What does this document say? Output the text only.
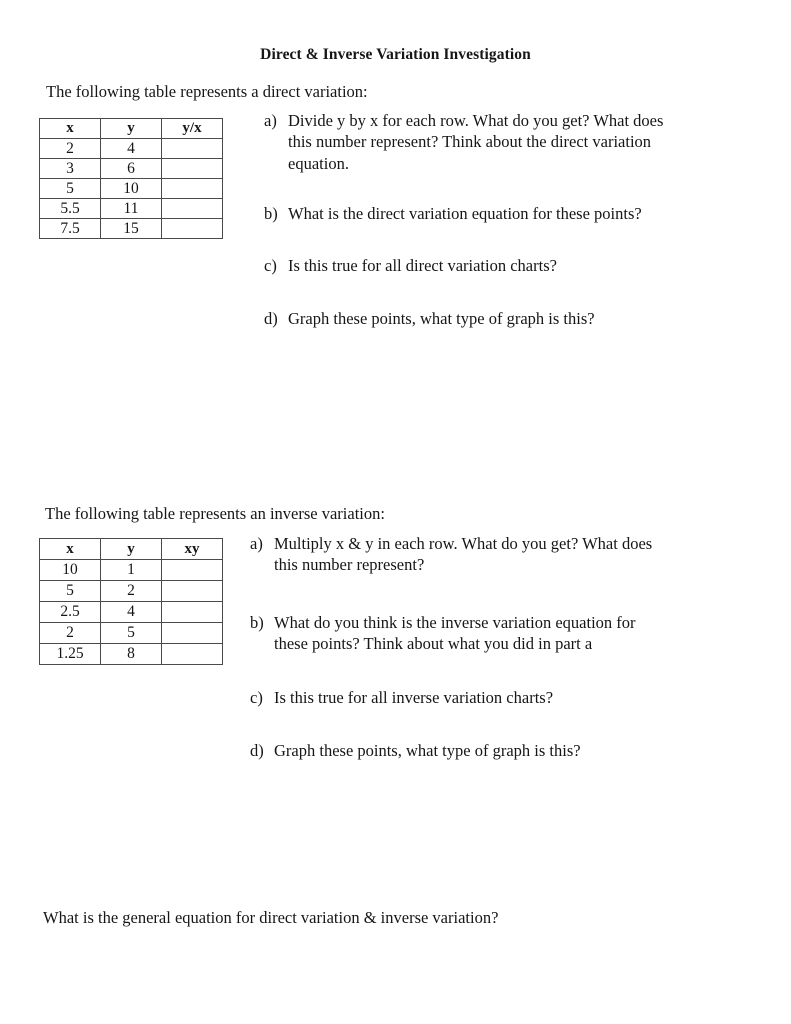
Direct & Inverse Variation Investigation
The following table represents a direct variation:
x	y	y/x
2	4	
3	6	
5	10	
5.5	11	
7.5	15	
a) Divide y by x for each row. What do you get? What does this number represent? Think about the direct variation equation.
b) What is the direct variation equation for these points?
c) Is this true for all direct variation charts?
d) Graph these points, what type of graph is this?
The following table represents an inverse variation:
x	y	xy
10	1	
5	2	
2.5	4	
2	5	
1.25	8	
a) Multiply x & y in each row. What do you get? What does this number represent?
b) What do you think is the inverse variation equation for these points? Think about what you did in part a
c) Is this true for all inverse variation charts?
d) Graph these points, what type of graph is this?
What is the general equation for direct variation & inverse variation?
